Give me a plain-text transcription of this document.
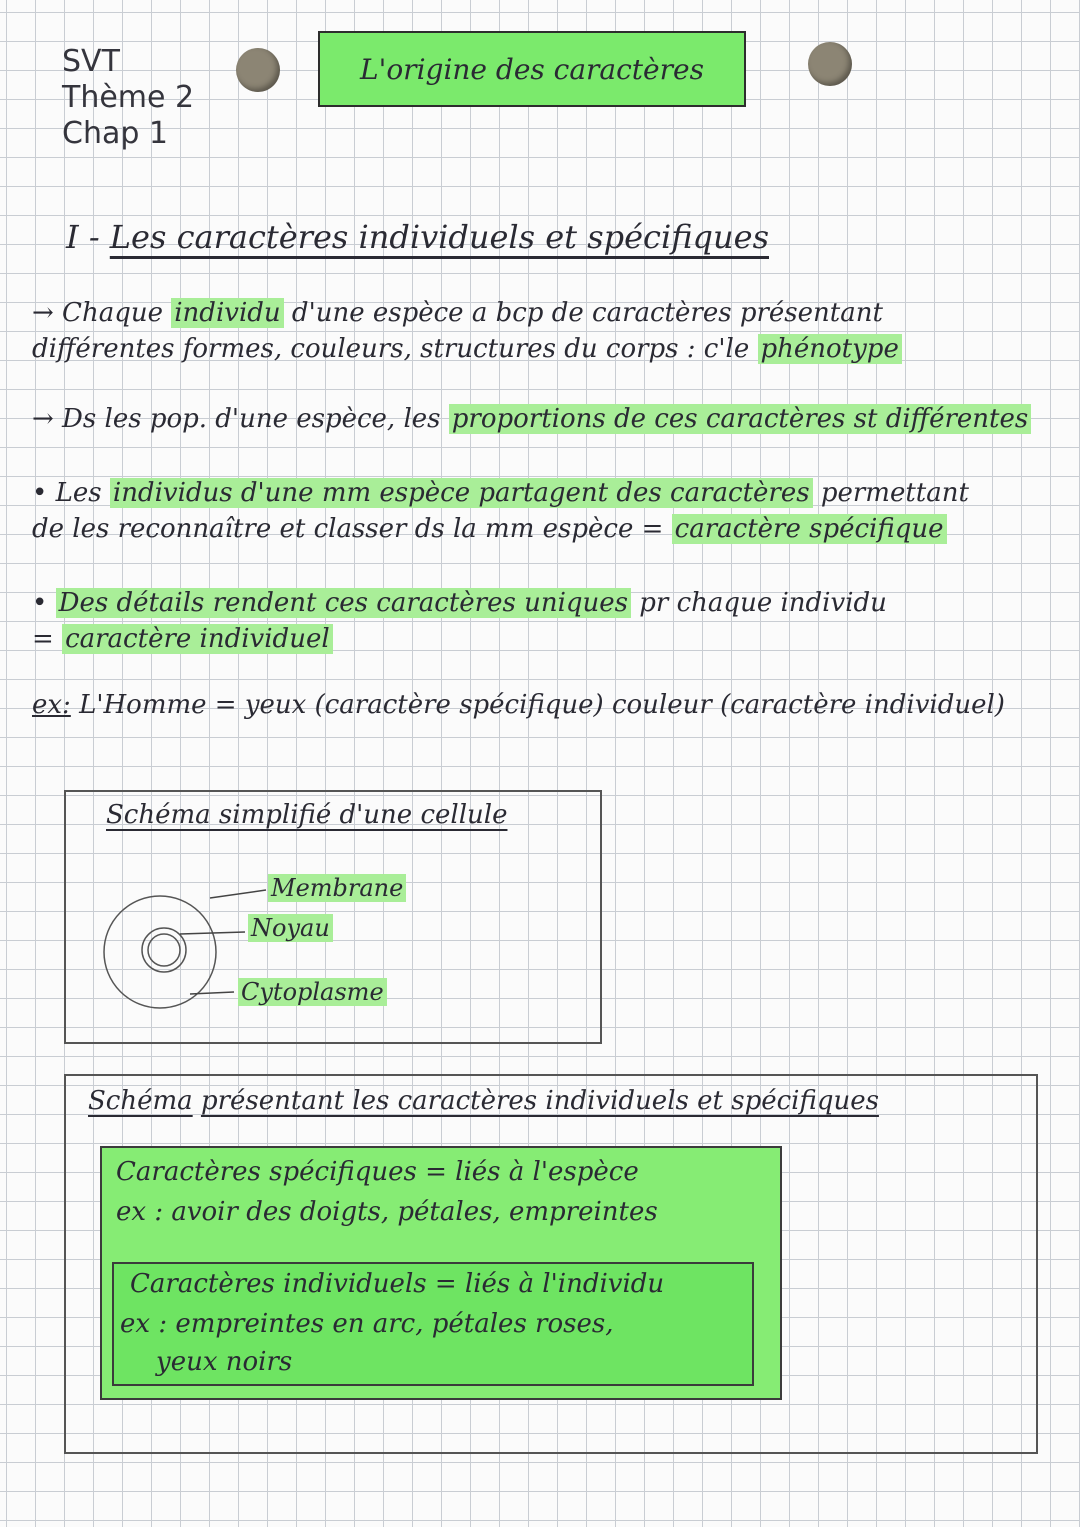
SVT
Thème 2
Chap 1
L'origine des caractères
I - Les caractères individuels et spécifiques
→ Chaque individu d'une espèce a bcp de caractères présentant
différentes formes, couleurs, structures du corps : c'le phénotype
→ Ds les pop. d'une espèce, les proportions de ces caractères st différentes
• Les individus d'une mm espèce partagent des caractères permettant
de les reconnaître et classer ds la mm espèce = caractère spécifique
• Des détails rendent ces caractères uniques pr chaque individu
= caractère individuel
ex: L'Homme = yeux (caractère spécifique) couleur (caractère individuel)
Schéma simplifié d'une cellule
Membrane
Noyau
Cytoplasme
Schéma présentant les caractères individuels et spécifiques
Caractères spécifiques = liés à l'espèce
ex : avoir des doigts, pétales, empreintes
Caractères individuels = liés à l'individu
ex : empreintes en arc, pétales roses,
yeux noirs
